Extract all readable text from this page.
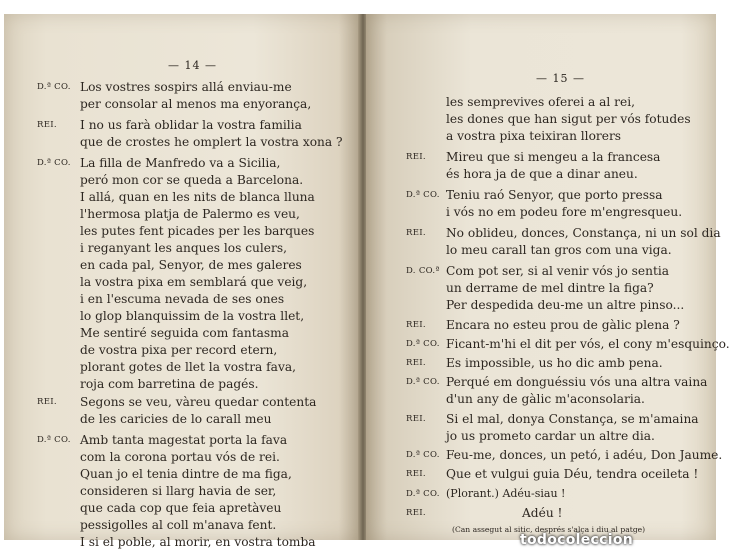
— 14 —
D.ª CO. Los vostres sospirs allá enviau-me
per consolar al menos ma enyorança,
REI. I no us farà oblidar la vostra familia
que de crostes he omplert la vostra xona ?
D.ª CO. La filla de Manfredo va a Sicilia,
peró mon cor se queda a Barcelona.
I allá, quan en les nits de blanca lluna
l'hermosa platja de Palermo es veu,
les putes fent picades per les barques
i reganyant les anques los culers,
en cada pal, Senyor, de mes galeres
la vostra pixa em semblará que veig,
i en l'escuma nevada de ses ones
lo glop blanquissim de la vostra llet,
Me sentiré seguida com fantasma
de vostra pixa per record etern,
plorant gotes de llet la vostra fava,
roja com barretina de pagés.
REI. Segons se veu, vàreu quedar contenta
de les caricies de lo carall meu
D.ª CO. Amb tanta magestat porta la fava
com la corona portau vós de rei.
Quan jo el tenia dintre de ma figa,
consideren si llarg havia de ser,
que cada cop que feia apretàveu
pessigolles al coll m'anava fent.
I si el poble, al morir, en vostra tomba
— 15 —
les semprevives oferei a al rei,
les dones que han sigut per vós fotudes
a vostra pixa teixiran llorers
REI. Mireu que si mengeu a la francesa
és hora ja de que a dinar aneu.
D.ª CO. Teniu raó Senyor, que porto pressa
i vós no em podeu fore m'engresqueu.
REI. No oblideu, donces, Constança, ni un sol dia
lo meu carall tan gros com una viga.
D. CO.ª Com pot ser, si al venir vós jo sentia
un derrame de mel dintre la figa?
Per despedida deu-me un altre pinso...
REI. Encara no esteu prou de gàlic plena ?
D.ª CO. Ficant-m'hi el dit per vós, el cony m'esquinço.
REI. Es impossible, us ho dic amb pena.
D.ª CO. Perqué em donguéssiu vós una altra vaina
d'un any de gàlic m'aconsolaria.
REI. Si el mal, donya Constança, se m'amaina
jo us prometo cardar un altre dia.
D.ª CO. Feu-me, donces, un petó, i adéu, Don Jaume.
REI. Que et vulgui guia Déu, tendra oceileta !
D.ª CO. (Plorant.) Adéu-siau !
REI.	Adéu !
(Can assegut al sitic, després s'alça i diu al patge)
todocoleccion
